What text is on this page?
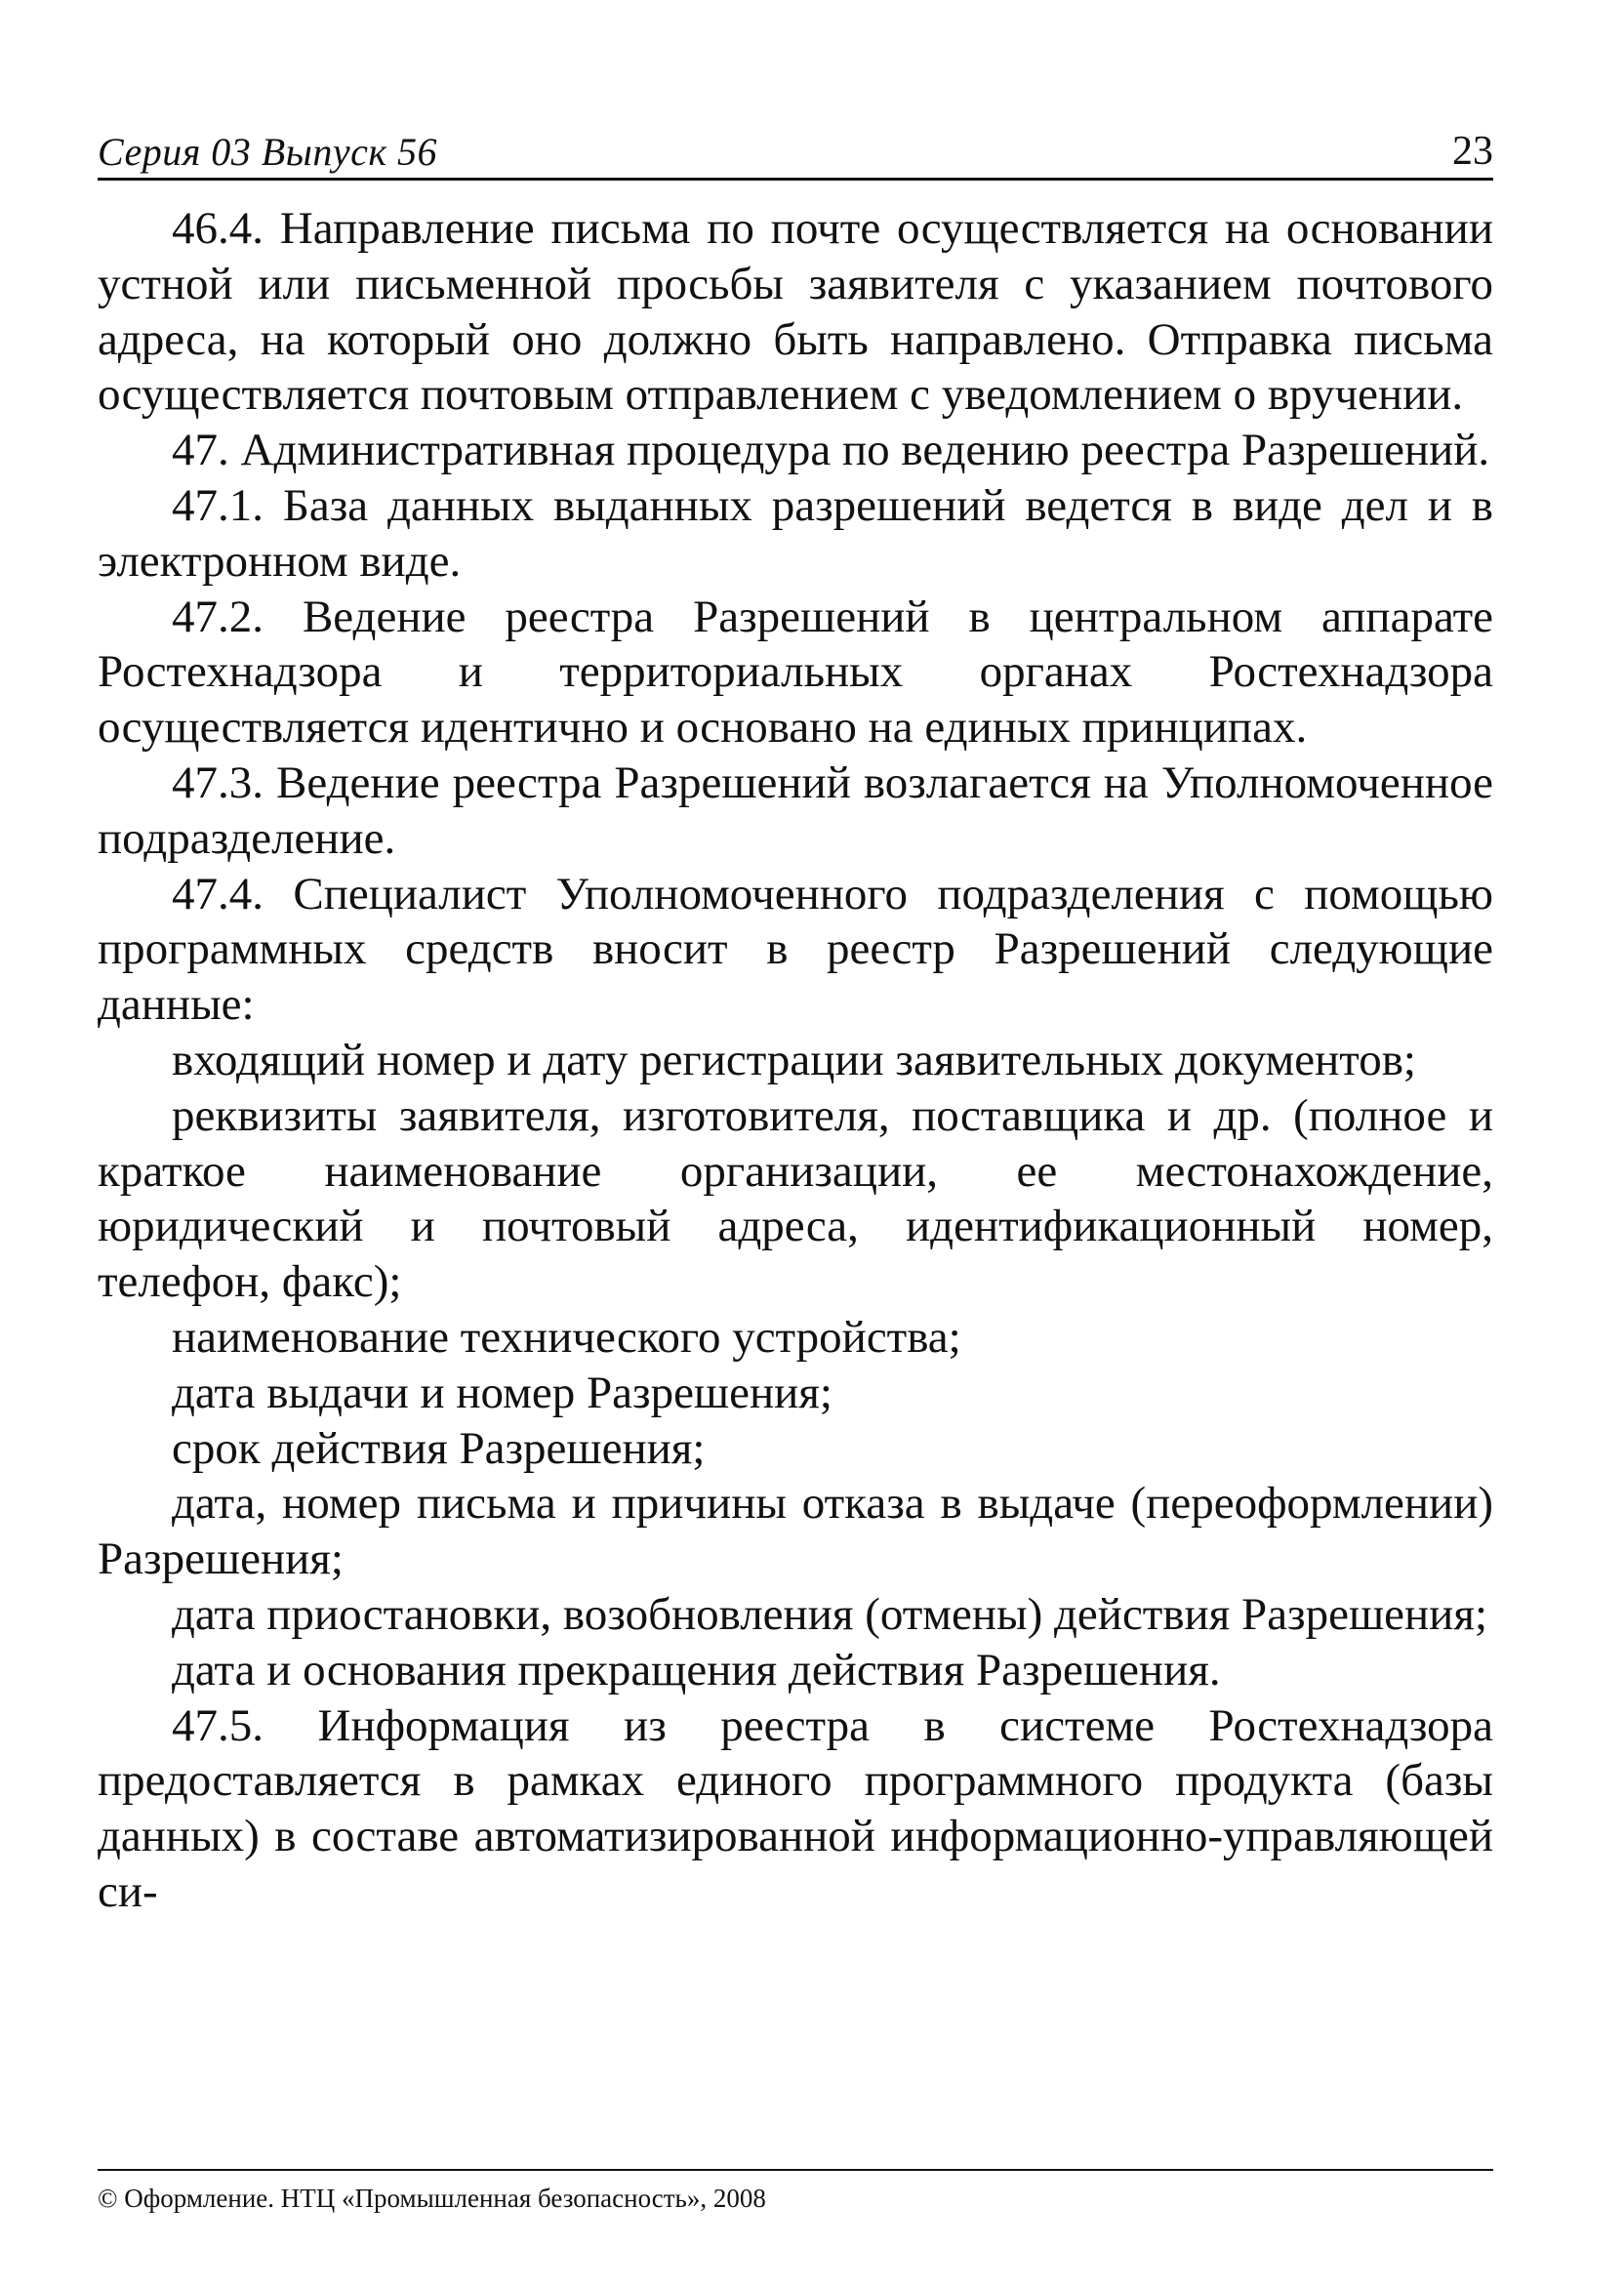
Серия 03 Выпуск 56	23

46.4. Направление письма по почте осуществляется на основании устной или письменной просьбы заявителя с указанием почтового адреса, на который оно должно быть направлено. Отправка письма осуществляется почтовым отправлением с уведомлением о вручении.

47. Административная процедура по ведению реестра Разрешений.

47.1. База данных выданных разрешений ведется в виде дел и в электронном виде.

47.2. Ведение реестра Разрешений в центральном аппарате Ростехнадзора и территориальных органах Ростехнадзора осуществляется идентично и основано на единых принципах.

47.3. Ведение реестра Разрешений возлагается на Уполномоченное подразделение.

47.4. Специалист Уполномоченного подразделения с помощью программных средств вносит в реестр Разрешений следующие данные:

входящий номер и дату регистрации заявительных документов;

реквизиты заявителя, изготовителя, поставщика и др. (полное и краткое наименование организации, ее местонахождение, юридический и почтовый адреса, идентификационный номер, телефон, факс);

наименование технического устройства;

дата выдачи и номер Разрешения;

срок действия Разрешения;

дата, номер письма и причины отказа в выдаче (переоформлении) Разрешения;

дата приостановки, возобновления (отмены) действия Разрешения;

дата и основания прекращения действия Разрешения.

47.5. Информация из реестра в системе Ростехнадзора предоставляется в рамках единого программного продукта (базы данных) в составе автоматизированной информационно-управляющей си-

© Оформление. НТЦ «Промышленная безопасность», 2008
